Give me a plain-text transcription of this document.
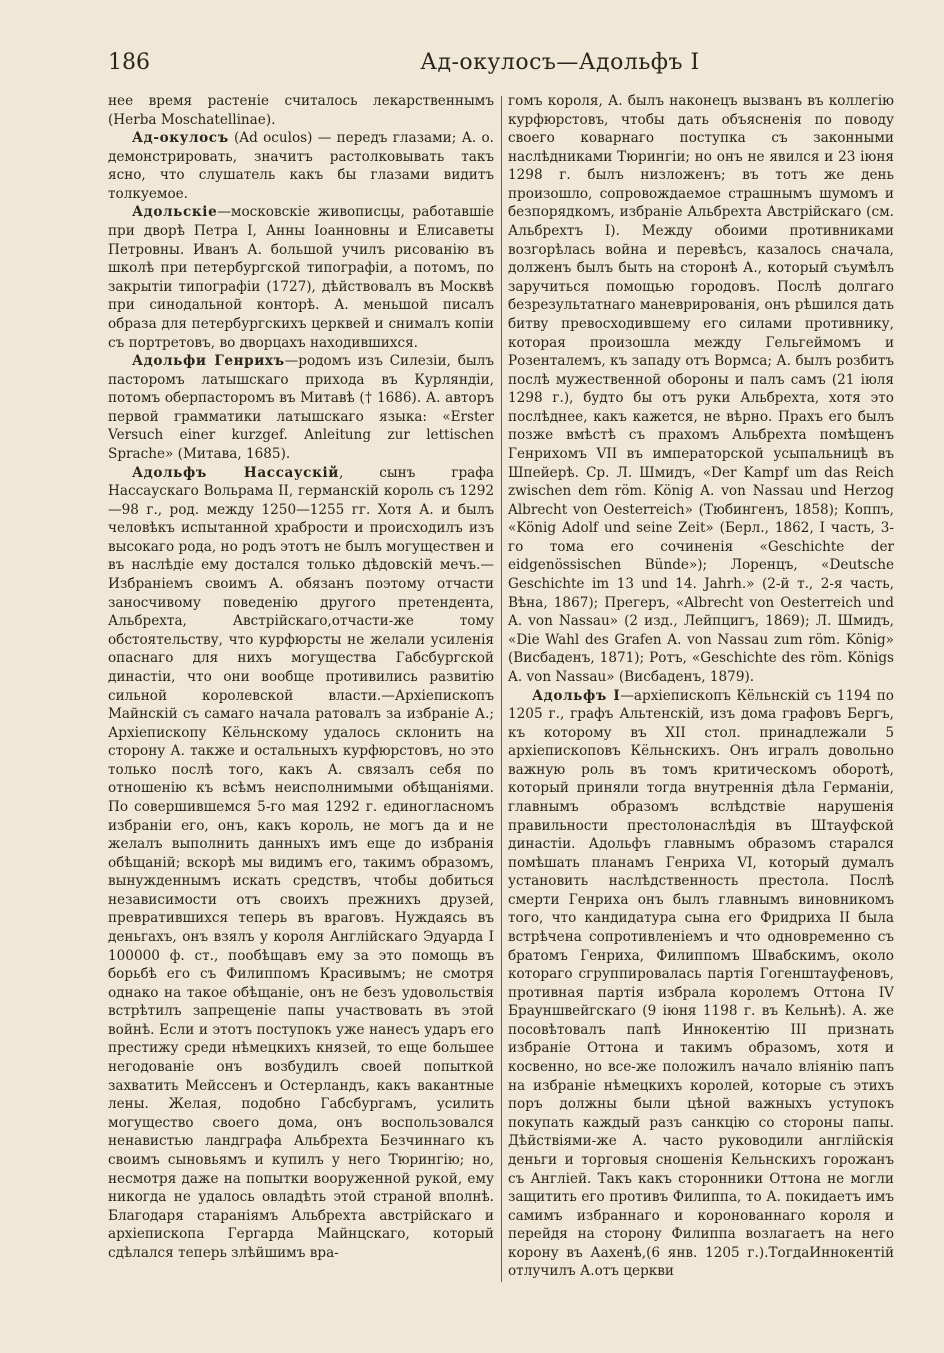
186	Ад-окулосъ—Адольфъ I

нее время растеніе считалось лекарственнымъ (Herba Moschatellinae).

Ад-окулосъ (Ad oculos) — передъ глазами; А. о. демонстрировать, значитъ растолковывать такъ ясно, что слушатель какъ бы глазами видитъ толкуемое.

Адольскіе—московскіе живописцы, работавшіе при дворѣ Петра I, Анны Іоанновны и Елисаветы Петровны. Иванъ А. большой училъ рисованію въ школѣ при петербургской типографіи, а потомъ, по закрытіи типографіи (1727), дѣйствовалъ въ Москвѣ при синодальной конторѣ. А. меньшой писалъ образа для петербургскихъ церквей и снималъ копіи съ портретовъ, во дворцахъ находившихся.

Адольфи Генрихъ—родомъ изъ Силезіи, былъ пасторомъ латышскаго прихода въ Курляндіи, потомъ оберпасторомъ въ Митавѣ († 1686). А. авторъ первой грамматики латышскаго языка: «Erster Versuch einer kurzgef. Anleitung zur lettischen Sprache» (Митава, 1685).

Адольфъ Нассаускій, сынъ графа Нассаускаго Вольрама II, германскій король съ 1292—98 г., род. между 1250—1255 гг. Хотя А. и былъ человѣкъ испытанной храбрости и происходилъ изъ высокаго рода, но родъ этотъ не былъ могуществен и въ наслѣдіе ему достался только дѣдовскій мечъ.—Избраніемъ своимъ А. обязанъ поэтому отчасти заносчивому поведенію другого претендента, Альбрехта, Австрійскаго,отчасти-же тому обстоятельству, что курфюрсты не желали усиленія опаснаго для нихъ могущества Габсбургской династіи, что они вообще противились развитію сильной королевской власти.—Архіепископъ Майнскій съ самаго начала ратовалъ за избраніе А.; Архіепископу Кёльнскому удалось склонить на сторону А. также и остальныхъ курфюрстовъ, но это только послѣ того, какъ А. связалъ себя по отношенію къ всѣмъ неисполнимыми обѣщаніями. По совершившемся 5-го мая 1292 г. единогласномъ избраніи его, онъ, какъ король, не могъ да и не желалъ выполнить данныхъ имъ еще до избранія обѣщаній; вскорѣ мы видимъ его, такимъ образомъ, вынужденнымъ искать средствъ, чтобы добиться независимости отъ своихъ прежнихъ друзей, превратившихся теперь въ враговъ. Нуждаясь въ деньгахъ, онъ взялъ у короля Англійскаго Эдуарда I 100000 ф. ст., пообѣщавъ ему за это помощь въ борьбѣ его съ Филиппомъ Красивымъ; не смотря однако на такое обѣщаніе, онъ не безъ удовольствія встрѣтилъ запрещеніе папы участвовать въ этой войнѣ. Если и этотъ поступокъ уже нанесъ ударъ его престижу среди нѣмецкихъ князей, то еще большее негодованіе онъ возбудилъ своей попыткой захватить Мейссенъ и Остерландъ, какъ вакантные лены. Желая, подобно Габсбургамъ, усилить могущество своего дома, онъ воспользовался ненавистью ландграфа Альбрехта Безчиннаго къ своимъ сыновьямъ и купилъ у него Тюрингію; но, несмотря даже на попытки вооруженной рукой, ему никогда не удалось овладѣть этой страной вполнѣ. Благодаря стараніямъ Альбрехта австрійскаго и архіепископа Гергарда Майнцскаго, который сдѣлался теперь злѣйшимъ вра-

гомъ короля, А. былъ наконецъ вызванъ въ коллегію курфюрстовъ, чтобы дать объясненія по поводу своего коварнаго поступка съ законными наслѣдниками Тюрингіи; но онъ не явился и 23 іюня 1298 г. былъ низложенъ; въ тотъ же день произошло, сопровождаемое страшнымъ шумомъ и безпорядкомъ, избраніе Альбрехта Австрійскаго (см. Альбрехтъ I). Между обоими противниками возгорѣлась война и перевѣсъ, казалось сначала, долженъ былъ быть на сторонѣ А., который съумѣлъ заручиться помощью городовъ. Послѣ долгаго безрезультатнаго маневрированія, онъ рѣшился дать битву превосходившему его силами противнику, которая произошла между Гельгеймомъ и Розенталемъ, къ западу отъ Вормса; А. былъ розбитъ послѣ мужественной обороны и палъ самъ (21 іюля 1298 г.), будто бы отъ руки Альбрехта, хотя это послѣднее, какъ кажется, не вѣрно. Прахъ его былъ позже вмѣстѣ съ прахомъ Альбрехта помѣщенъ Генрихомъ VII въ императорской усыпальницѣ въ Шпейерѣ. Ср. Л. Шмидъ, «Der Kampf um das Reich zwischen dem röm. König A. von Nassau und Herzog Albrecht von Oesterreich» (Тюбингенъ, 1858); Коппъ, «König Adolf und seine Zeit» (Берл., 1862, I часть, 3-го тома его сочиненія «Geschichte der eidgenössischen Bünde»); Лоренцъ, «Deutsche Geschichte im 13 und 14. Jahrh.» (2-й т., 2-я часть, Вѣна, 1867); Прегеръ, «Albrecht von Oesterreich und A. von Nassau» (2 изд., Лейпцигъ, 1869); Л. Шмидъ, «Die Wahl des Grafen A. von Nassau zum röm. König» (Висбаденъ, 1871); Ротъ, «Geschichte des röm. Königs A. von Nassau» (Висбаденъ, 1879).

Адольфъ I—архіепископъ Кёльнскій съ 1194 по 1205 г., графъ Альтенскій, изъ дома графовъ Бергъ, къ которому въ XII стол. принадлежали 5 архіепископовъ Кёльнскихъ. Онъ игралъ довольно важную роль въ томъ критическомъ оборотѣ, который приняли тогда внутреннія дѣла Германіи, главнымъ образомъ вслѣдствіе нарушенія правильности престолонаслѣдія въ Штауфской династіи. Адольфъ главнымъ образомъ старался помѣшать планамъ Генриха VI, который думалъ установить наслѣдственность престола. Послѣ смерти Генриха онъ былъ главнымъ виновникомъ того, что кандидатура сына его Фридриха II была встрѣчена сопротивленіемъ и что одновременно съ братомъ Генриха, Филиппомъ Швабскимъ, около котораго сгруппировалась партія Гогенштауфеновъ, противная партія избрала королемъ Оттона IV Брауншвейгскаго (9 іюня 1198 г. въ Кельнѣ). А. же посовѣтовалъ папѣ Иннокентію III признать избраніе Оттона и такимъ образомъ, хотя и косвенно, но все-же положилъ начало вліянію папъ на избраніе нѣмецкихъ королей, которые съ этихъ поръ должны были цѣной важныхъ уступокъ покупать каждый разъ санкцію со стороны папы. Дѣйствіями-же А. часто руководили англійскія деньги и торговыя сношенія Кельнскихъ горожанъ съ Англіей. Такъ какъ сторонники Оттона не могли защитить его противъ Филиппа, то А. покидаетъ имъ самимъ избраннаго и коронованнаго короля и перейдя на сторону Филиппа возлагаетъ на него корону въ Аахенѣ,(6 янв. 1205 г.).ТогдаИннокентій отлучилъ А.отъ церкви
